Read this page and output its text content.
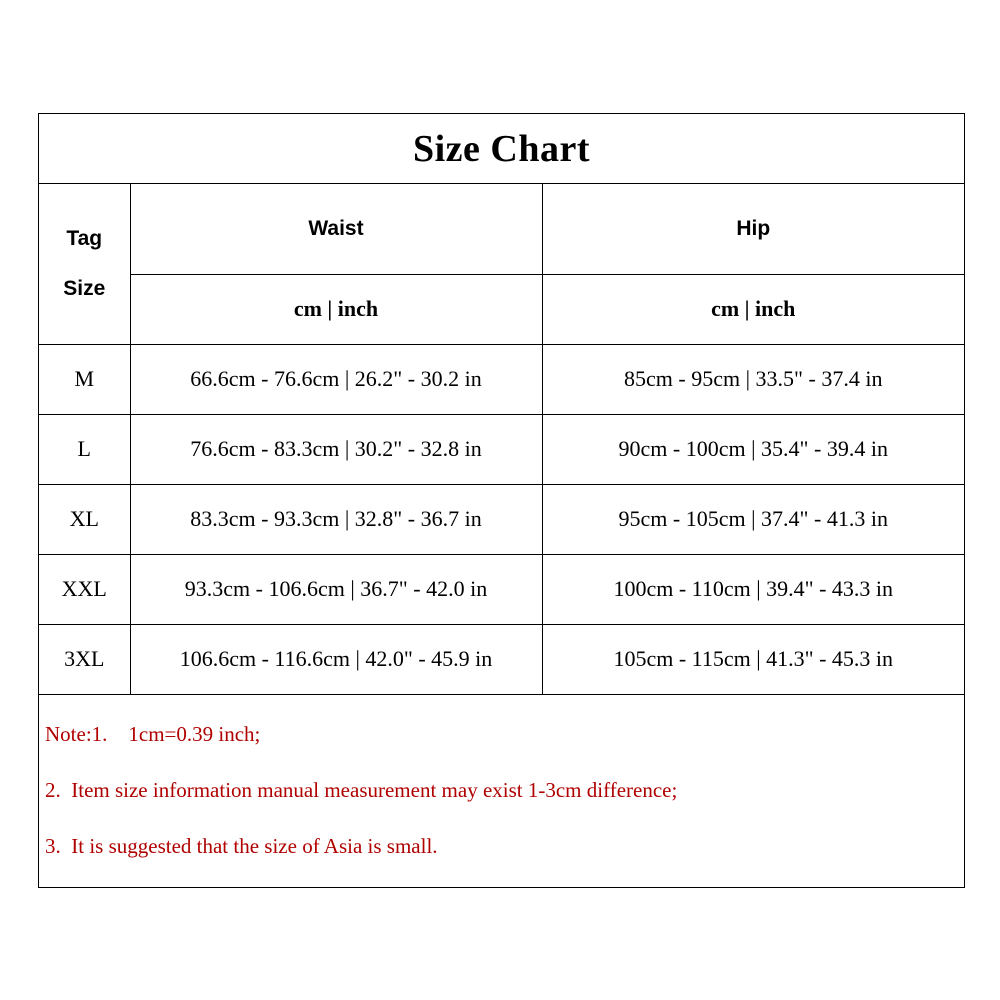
Size Chart
Tag
Size	Waist	Hip
	cm | inch	cm | inch
M	66.6cm - 76.6cm | 26.2" - 30.2 in	85cm - 95cm | 33.5" - 37.4 in
L	76.6cm - 83.3cm | 30.2" - 32.8 in	90cm - 100cm | 35.4" - 39.4 in
XL	83.3cm - 93.3cm | 32.8" - 36.7 in	95cm - 105cm | 37.4" - 41.3 in
XXL	93.3cm - 106.6cm | 36.7" - 42.0 in	100cm - 110cm | 39.4" - 43.3 in
3XL	106.6cm - 116.6cm | 42.0" - 45.9 in	105cm - 115cm | 41.3" - 45.3 in
Note:1.    1cm=0.39 inch;
2.  Item size information manual measurement may exist 1-3cm difference;
3.  It is suggested that the size of Asia is small.
